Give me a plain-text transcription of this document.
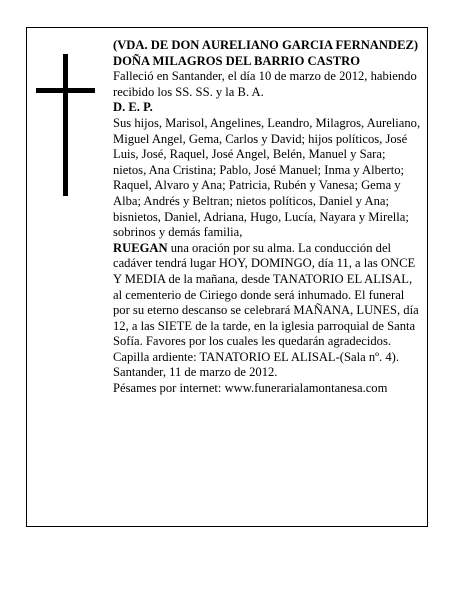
(VDA. DE DON AURELIANO GARCIA FERNANDEZ)

DOÑA MILAGROS DEL BARRIO CASTRO

Falleció en Santander, el día 10 de marzo de 2012, habiendo recibido los SS. SS. y la B. A.

D. E. P.

Sus hijos, Marisol, Angelines, Leandro, Milagros, Aureliano, Miguel Angel, Gema, Carlos y David; hijos políticos, José Luis, José, Raquel, José Angel, Belén, Manuel y Sara; nietos, Ana Cristina; Pablo, José Manuel; Inma y Alberto; Raquel, Alvaro y Ana; Patricia, Rubén y Vanesa; Gema y Alba; Andrés y Beltran; nietos políticos, Daniel y Ana; bisnietos, Daniel, Adriana, Hugo, Lucía, Nayara y Mirella; sobrinos y demás familia,

RUEGAN una oración por su alma. La conducción del cadáver tendrá lugar HOY, DOMINGO, día 11, a las ONCE Y MEDIA de la mañana, desde TANATORIO EL ALISAL, al cementerio de Ciriego donde será inhumado. El funeral por su eterno descanso se celebrará MAÑANA, LUNES, día 12, a las SIETE de la tarde, en la iglesia parroquial de Santa Sofía. Favores por los cuales les quedarán agradecidos. Capilla ardiente: TANATORIO EL ALISAL-(Sala nº. 4).

Santander, 11 de marzo de 2012.

Pésames por internet: www.funerarialamontanesa.com
